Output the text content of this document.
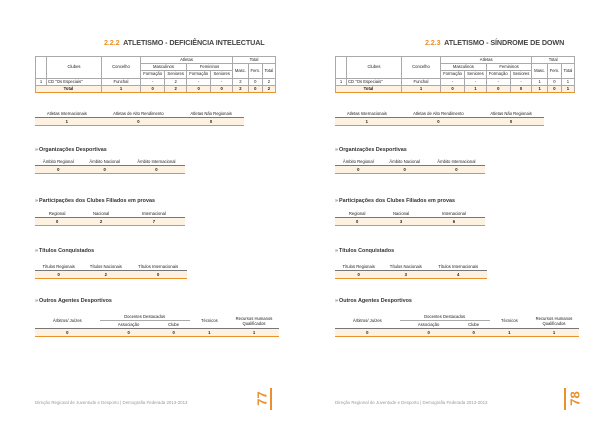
2.2.2 ATLETISMO - DEFICIÊNCIA INTELECTUAL
	Clubes	Concelho	Atletas				Total		
			Masculinos		Femininos		Masc.	Fem.	Total
			Formação	Seniores	Formação	Seniores			
1	CD "Os Especiais"	Funchal	-	2	-	-	2	0	2
Total		1	0	2	0	0	2	0	2
Atletas Internacionais	Atletas de Alto Rendimento	Atletas Não Regionais
1	0	0
»Organizações Desportivas
Âmbito Regional	Âmbito Nacional	Âmbito Internacional
0	0	0
»Participações dos Clubes Filiados em provas
Regional	Nacional	Internacional
0	2	7
»Títulos Conquistados
Títulos Regionais	Títulos Nacionais	Títulos Internacionais
0	2	0
»Outros Agentes Desportivos
Árbitros/ Juízes	Docentes Destacados		Técnicos	Recursos Humanos Qualificados
	Associação	Clube		
0	0	0	1	1
Direção Regional de Juventude e Desporto | Demografia Federada 2013-2013	77
2.2.3 ATLETISMO - SÍNDROME DE DOWN
	Clubes	Concelho	Atletas				Total		
			Masculinos		Femininos		Masc.	Fem.	Total
			Formação	Seniores	Formação	Seniores			
1	CD "Os Especiais"	Funchal	-	-	-	-	1	0	1
Total		1	0	1	0	0	1	0	1
Atletas Internacionais	Atletas de Alto Rendimento	Atletas Não Regionais
1	0	0
»Organizações Desportivas
Âmbito Regional	Âmbito Nacional	Âmbito Internacional
0	0	0
»Participações dos Clubes Filiados em provas
Regional	Nacional	Internacional
0	3	6
»Títulos Conquistados
Títulos Regionais	Títulos Nacionais	Títulos Internacionais
0	3	4
»Outros Agentes Desportivos
Árbitros/ Juízes	Docentes Destacados		Técnicos	Recursos Humanos Qualificados
	Associação	Clube		
0	0	0	1	1
Direção Regional de Juventude e Desporto | Demografia Federada 2013-2013	78
